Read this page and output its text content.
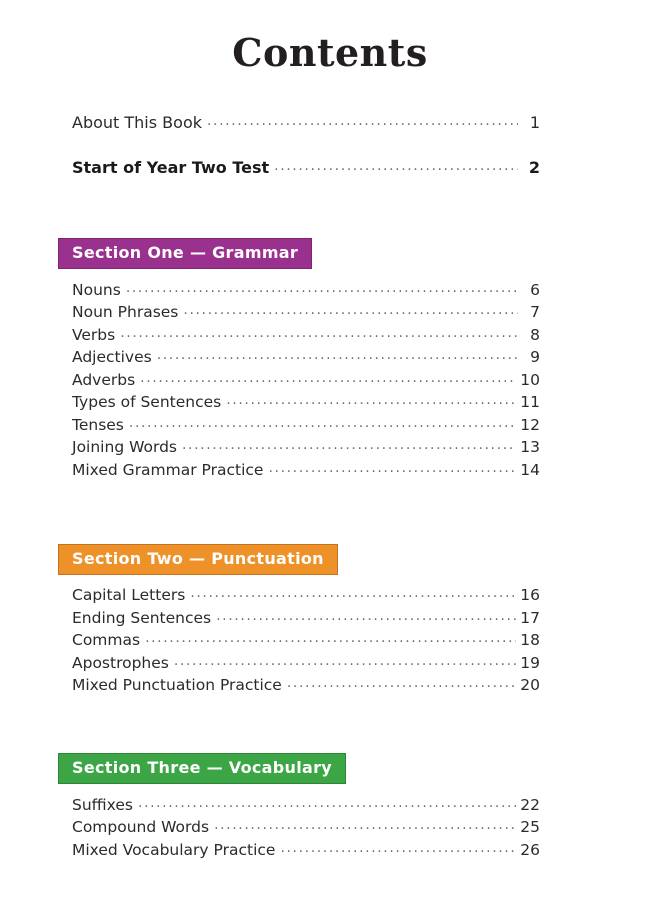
Contents
About This Book .....	1
Start of Year Two Test .....	2
Section One — Grammar
Nouns .....	6
Noun Phrases .....	7
Verbs .....	8
Adjectives .....	9
Adverbs .....	10
Types of Sentences .....	11
Tenses .....	12
Joining Words .....	13
Mixed Grammar Practice .....	14
Section Two — Punctuation
Capital Letters .....	16
Ending Sentences .....	17
Commas .....	18
Apostrophes .....	19
Mixed Punctuation Practice .....	20
Section Three — Vocabulary
Suffixes .....	22
Compound Words .....	25
Mixed Vocabulary Practice .....	26
